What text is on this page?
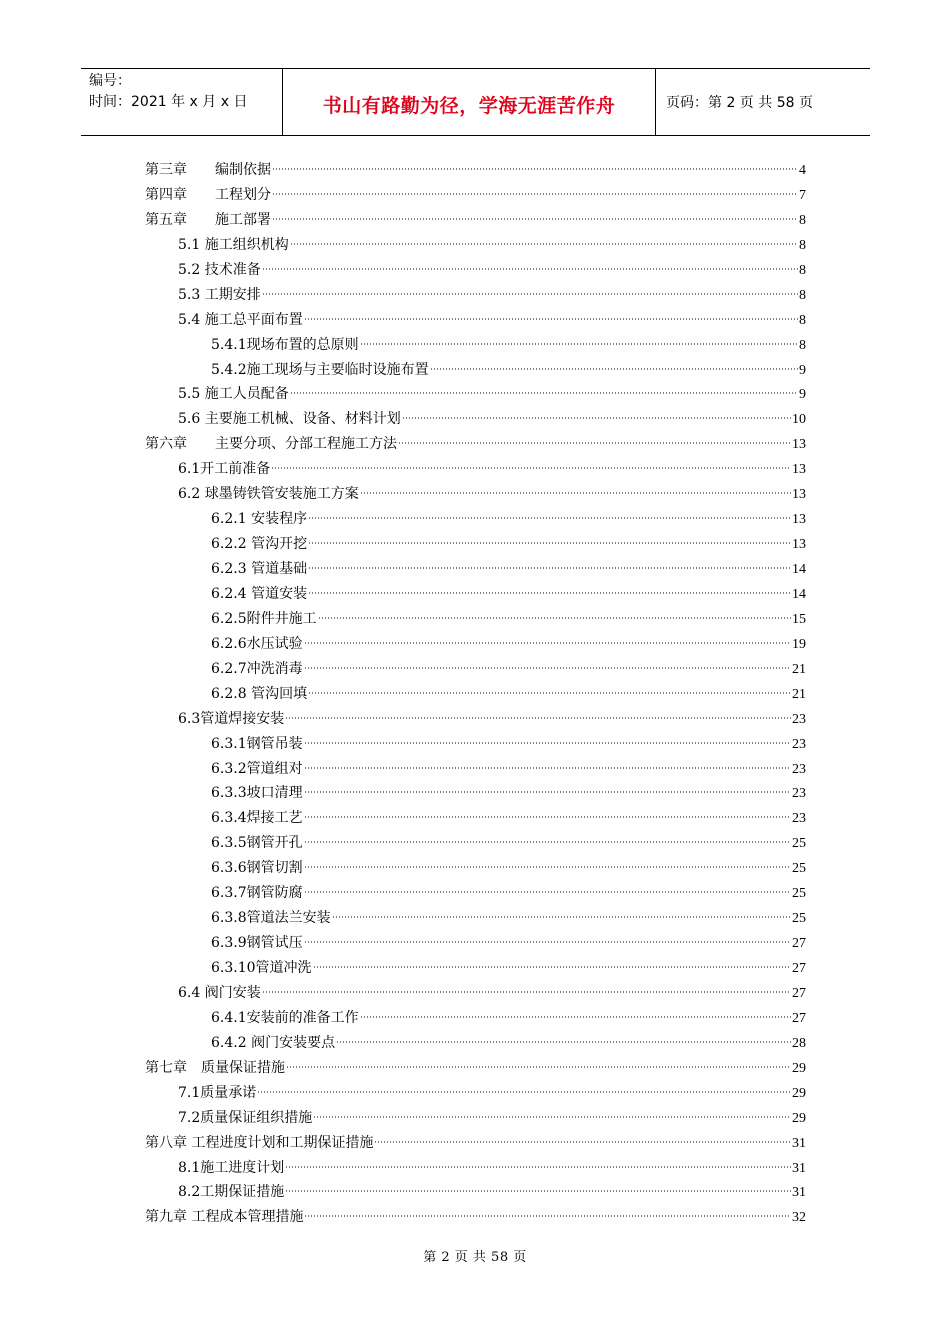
编号：
时间：2021 年 x 月 x 日	书山有路勤为径，学海无涯苦作舟	页码：第 2 页 共 58 页
第三章　　编制依据	4
第四章　　工程划分	7
第五章　　施工部署	8
5.1 施工组织机构	8
5.2 技术准备	8
5.3 工期安排	8
5.4 施工总平面布置	8
5.4.1现场布置的总原则	8
5.4.2施工现场与主要临时设施布置	9
5.5 施工人员配备	9
5.6 主要施工机械、设备、材料计划	10
第六章　　主要分项、分部工程施工方法	13
6.1开工前准备	13
6.2 球墨铸铁管安装施工方案	13
6.2.1 安装程序	13
6.2.2 管沟开挖	13
6.2.3 管道基础	14
6.2.4 管道安装	14
6.2.5附件井施工	15
6.2.6水压试验	19
6.2.7冲洗消毒	21
6.2.8 管沟回填	21
6.3管道焊接安装	23
6.3.1钢管吊装	23
6.3.2管道组对	23
6.3.3坡口清理	23
6.3.4焊接工艺	23
6.3.5钢管开孔	25
6.3.6钢管切割	25
6.3.7钢管防腐	25
6.3.8管道法兰安装	25
6.3.9钢管试压	27
6.3.10管道冲洗	27
6.4 阀门安装	27
6.4.1安装前的准备工作	27
6.4.2 阀门安装要点	28
第七章　质量保证措施	29
7.1质量承诺	29
7.2质量保证组织措施	29
第八章 工程进度计划和工期保证措施	31
8.1施工进度计划	31
8.2工期保证措施	31
第九章 工程成本管理措施	32
第 2 页 共 58 页
